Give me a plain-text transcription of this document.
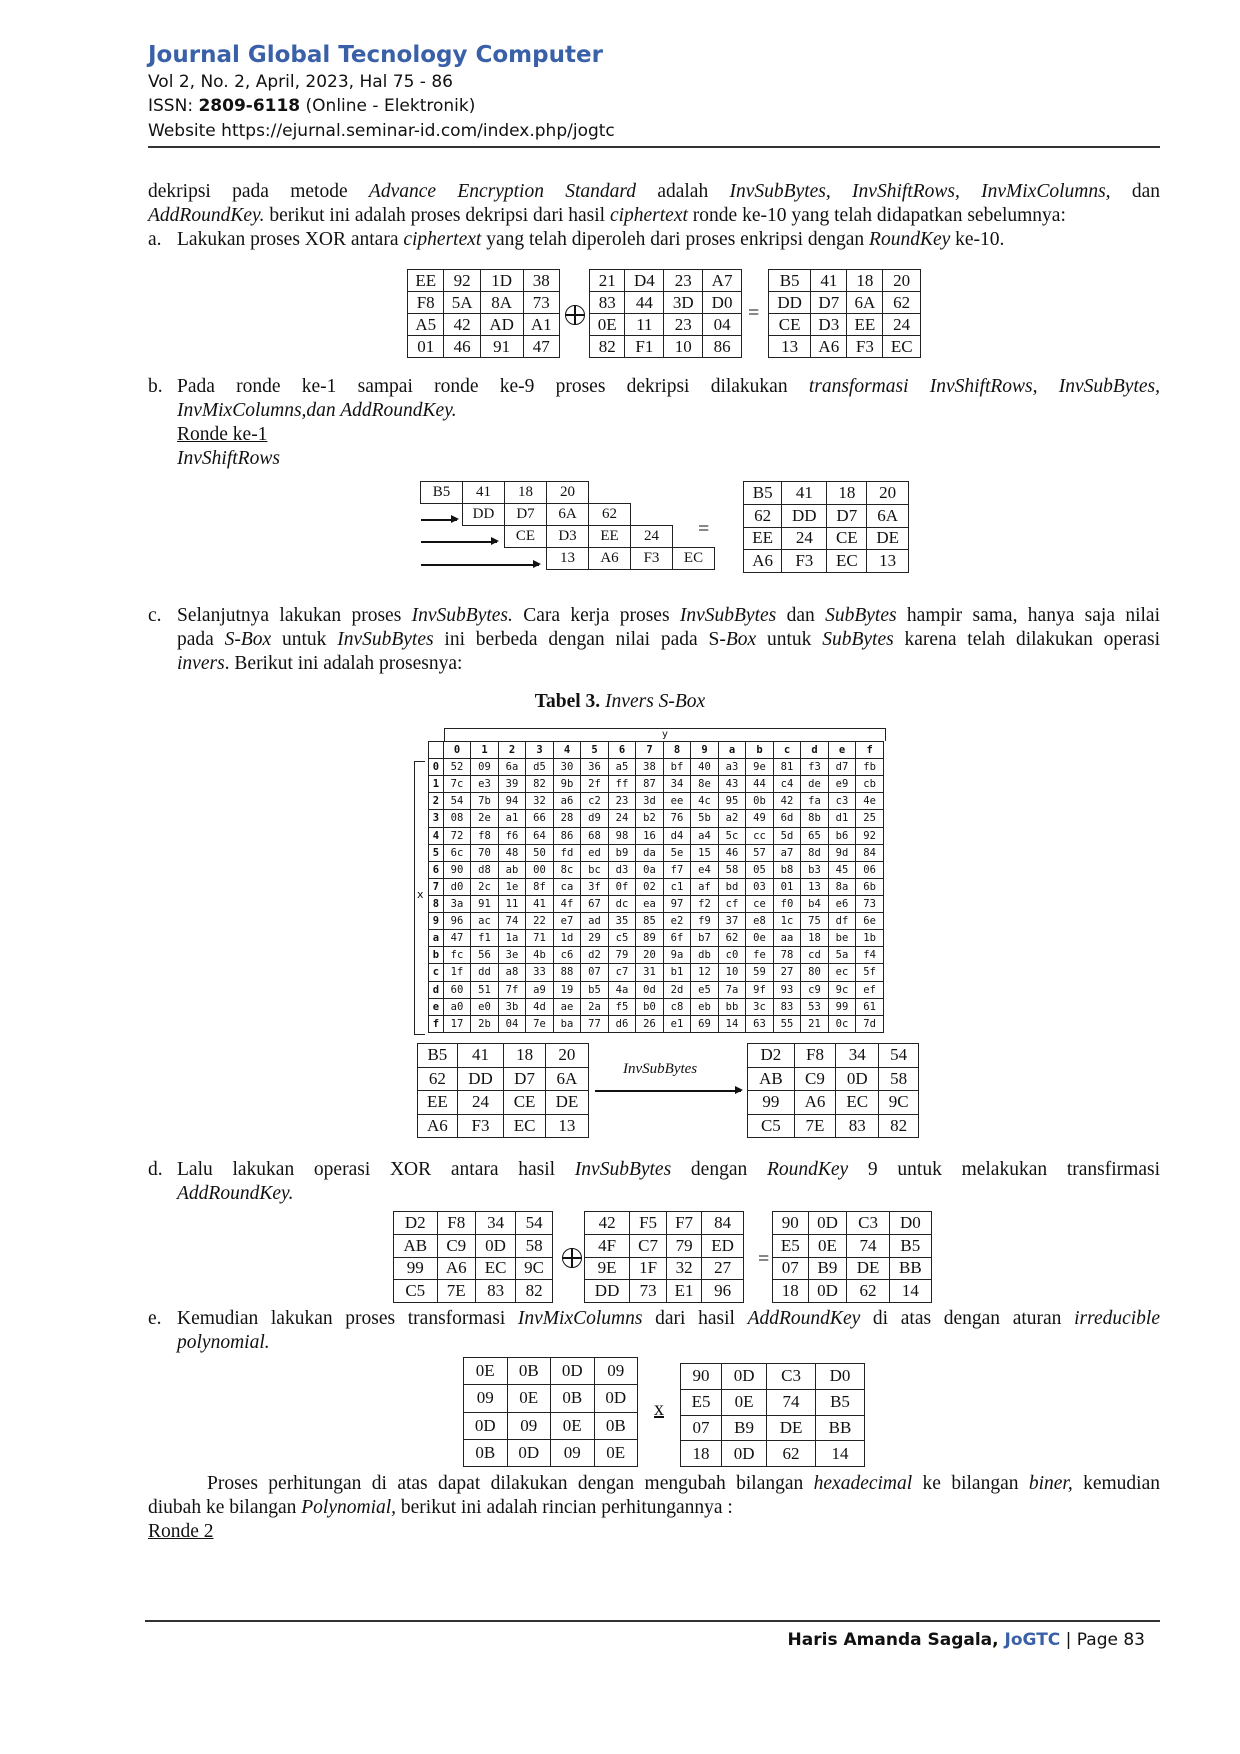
Journal Global Tecnology Computer
Vol 2, No. 2, April, 2023, Hal 75 - 86
ISSN: 2809-6118 (Online - Elektronik)
Website https://ejurnal.seminar-id.com/index.php/jogtc
dekripsi pada metode Advance Encryption Standard adalah InvSubBytes, InvShiftRows, InvMixColumns, dan
AddRoundKey. berikut ini adalah proses dekripsi dari hasil ciphertext ronde ke-10 yang telah didapatkan sebelumnya:
a. Lakukan proses XOR antara ciphertext yang telah diperoleh dari proses enkripsi dengan RoundKey ke-10.
EE	92	1D	38
F8	5A	8A	73
A5	42	AD	A1
01	46	91	47
21	D4	23	A7
83	44	3D	D0
0E	11	23	04
82	F1	10	86
=
B5	41	18	20
DD	D7	6A	62
CE	D3	EE	24
13	A6	F3	EC
b. Pada ronde ke-1 sampai ronde ke-9 proses dekripsi dilakukan transformasi InvShiftRows, InvSubBytes,
InvMixColumns,dan AddRoundKey.
Ronde ke-1
InvShiftRows
B5	41	18	20
DD	D7	6A	62
CE	D3	EE	24
13	A6	F3	EC
=
B5	41	18	20
62	DD	D7	6A
EE	24	CE	DE
A6	F3	EC	13
c. Selanjutnya lakukan proses InvSubBytes. Cara kerja proses InvSubBytes dan SubBytes hampir sama, hanya saja nilai
pada S-Box untuk InvSubBytes ini berbeda dengan nilai pada S-Box untuk SubBytes karena telah dilakukan operasi
invers. Berikut ini adalah prosesnya:
Tabel 3. Invers S-Box
x
y
	0	1	2	3	4	5	6	7	8	9	a	b	c	d	e	f
0	52	09	6a	d5	30	36	a5	38	bf	40	a3	9e	81	f3	d7	fb
1	7c	e3	39	82	9b	2f	ff	87	34	8e	43	44	c4	de	e9	cb
2	54	7b	94	32	a6	c2	23	3d	ee	4c	95	0b	42	fa	c3	4e
3	08	2e	a1	66	28	d9	24	b2	76	5b	a2	49	6d	8b	d1	25
4	72	f8	f6	64	86	68	98	16	d4	a4	5c	cc	5d	65	b6	92
5	6c	70	48	50	fd	ed	b9	da	5e	15	46	57	a7	8d	9d	84
6	90	d8	ab	00	8c	bc	d3	0a	f7	e4	58	05	b8	b3	45	06
7	d0	2c	1e	8f	ca	3f	0f	02	c1	af	bd	03	01	13	8a	6b
8	3a	91	11	41	4f	67	dc	ea	97	f2	cf	ce	f0	b4	e6	73
9	96	ac	74	22	e7	ad	35	85	e2	f9	37	e8	1c	75	df	6e
a	47	f1	1a	71	1d	29	c5	89	6f	b7	62	0e	aa	18	be	1b
b	fc	56	3e	4b	c6	d2	79	20	9a	db	c0	fe	78	cd	5a	f4
c	1f	dd	a8	33	88	07	c7	31	b1	12	10	59	27	80	ec	5f
d	60	51	7f	a9	19	b5	4a	0d	2d	e5	7a	9f	93	c9	9c	ef
e	a0	e0	3b	4d	ae	2a	f5	b0	c8	eb	bb	3c	83	53	99	61
f	17	2b	04	7e	ba	77	d6	26	e1	69	14	63	55	21	0c	7d
B5	41	18	20
62	DD	D7	6A
EE	24	CE	DE
A6	F3	EC	13
InvSubBytes
D2	F8	34	54
AB	C9	0D	58
99	A6	EC	9C
C5	7E	83	82
d. Lalu lakukan operasi XOR antara hasil InvSubBytes dengan RoundKey 9 untuk melakukan transfirmasi
AddRoundKey.
D2	F8	34	54
AB	C9	0D	58
99	A6	EC	9C
C5	7E	83	82
42	F5	F7	84
4F	C7	79	ED
9E	1F	32	27
DD	73	E1	96
=
90	0D	C3	D0
E5	0E	74	B5
07	B9	DE	BB
18	0D	62	14
e. Kemudian lakukan proses transformasi InvMixColumns dari hasil AddRoundKey di atas dengan aturan irreducible
polynomial.
0E	0B	0D	09
09	0E	0B	0D
0D	09	0E	0B
0B	0D	09	0E
x
90	0D	C3	D0
E5	0E	74	B5
07	B9	DE	BB
18	0D	62	14
Proses perhitungan di atas dapat dilakukan dengan mengubah bilangan hexadecimal ke bilangan biner, kemudian
diubah ke bilangan Polynomial, berikut ini adalah rincian perhitungannya :
Ronde 2
Haris Amanda Sagala, JoGTC | Page 83
